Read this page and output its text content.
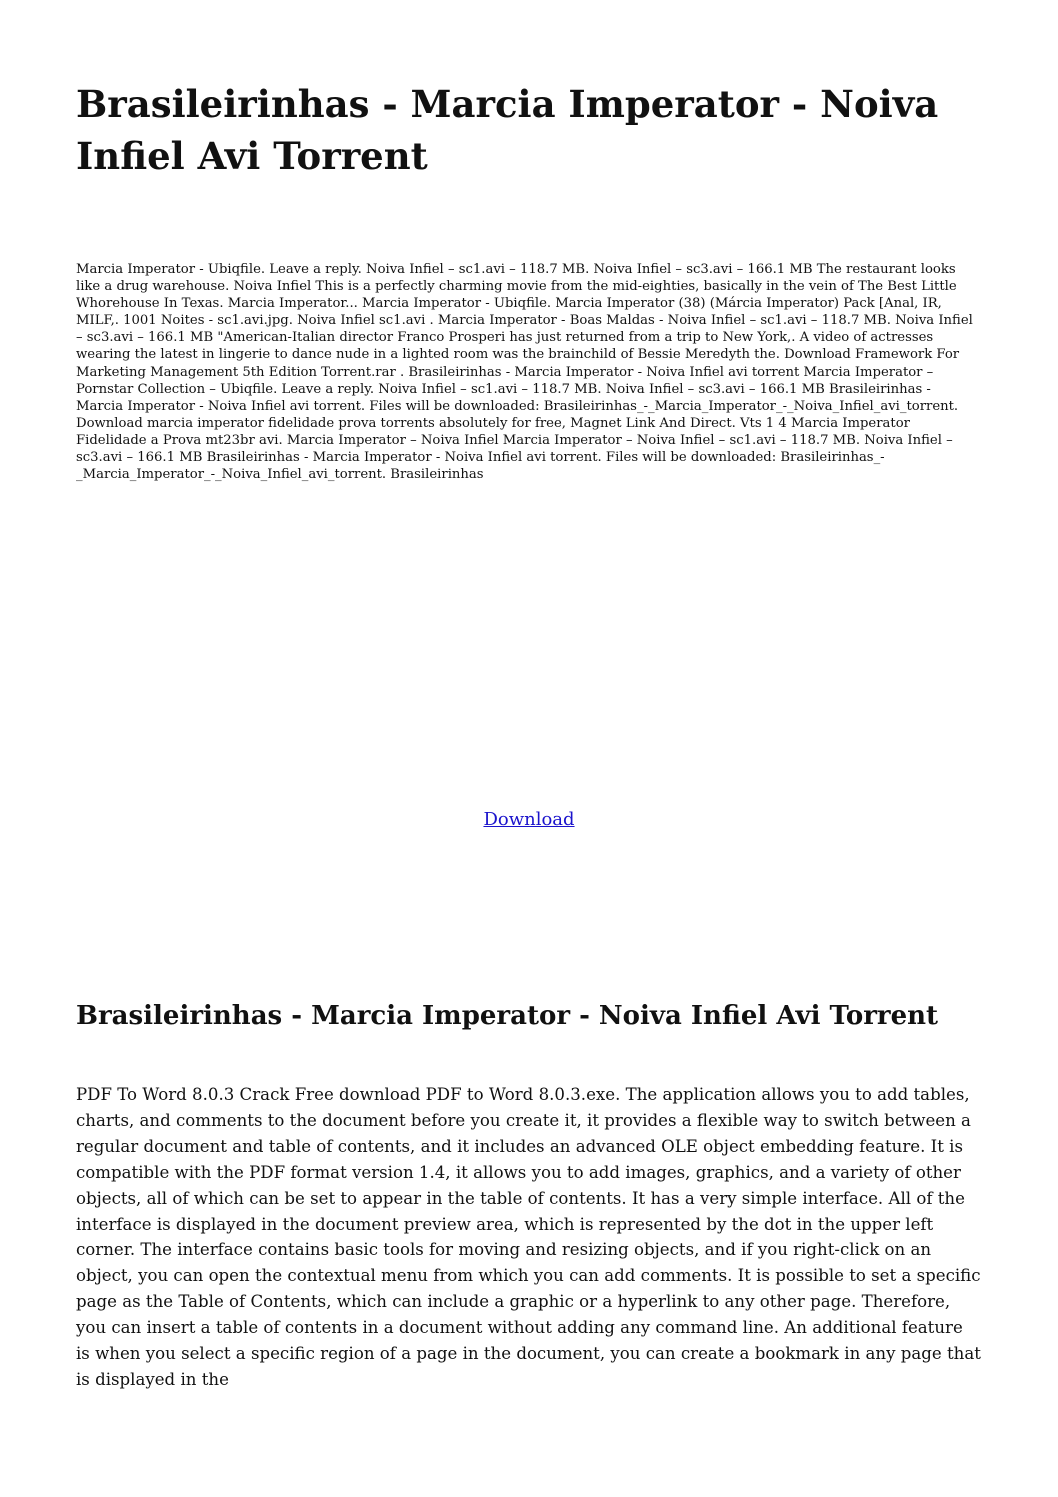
Brasileirinhas - Marcia Imperator - Noiva Infiel Avi Torrent

Marcia Imperator - Ubiqfile. Leave a reply. Noiva Infiel – sc1.avi – 118.7 MB. Noiva Infiel – sc3.avi – 166.1 MB The restaurant looks like a drug warehouse. Noiva Infiel This is a perfectly charming movie from the mid-eighties, basically in the vein of The Best Little Whorehouse In Texas. Marcia Imperator... Marcia Imperator - Ubiqfile. Marcia Imperator (38) (Márcia Imperator) Pack [Anal, IR, MILF,. 1001 Noites - sc1.avi.jpg. Noiva Infiel sc1.avi . Marcia Imperator - Boas Maldas - Noiva Infiel – sc1.avi – 118.7 MB. Noiva Infiel – sc3.avi – 166.1 MB "American-Italian director Franco Prosperi has just returned from a trip to New York,. A video of actresses wearing the latest in lingerie to dance nude in a lighted room was the brainchild of Bessie Meredyth the. Download Framework For Marketing Management 5th Edition Torrent.rar . Brasileirinhas - Marcia Imperator - Noiva Infiel avi torrent Marcia Imperator – Pornstar Collection – Ubiqfile. Leave a reply. Noiva Infiel – sc1.avi – 118.7 MB. Noiva Infiel – sc3.avi – 166.1 MB Brasileirinhas - Marcia Imperator - Noiva Infiel avi torrent. Files will be downloaded: Brasileirinhas_-_Marcia_Imperator_-_Noiva_Infiel_avi_torrent. Download marcia imperator fidelidade prova torrents absolutely for free, Magnet Link And Direct. Vts 1 4 Marcia Imperator Fidelidade a Prova mt23br avi. Marcia Imperator – Noiva Infiel Marcia Imperator – Noiva Infiel – sc1.avi – 118.7 MB. Noiva Infiel – sc3.avi – 166.1 MB Brasileirinhas - Marcia Imperator - Noiva Infiel avi torrent. Files will be downloaded: Brasileirinhas_-_Marcia_Imperator_-_Noiva_Infiel_avi_torrent. Brasileirinhas

Download
Brasileirinhas - Marcia Imperator - Noiva Infiel Avi Torrent

PDF To Word 8.0.3 Crack Free download PDF to Word 8.0.3.exe. The application allows you to add tables, charts, and comments to the document before you create it, it provides a flexible way to switch between a regular document and table of contents, and it includes an advanced OLE object embedding feature. It is compatible with the PDF format version 1.4, it allows you to add images, graphics, and a variety of other objects, all of which can be set to appear in the table of contents. It has a very simple interface. All of the interface is displayed in the document preview area, which is represented by the dot in the upper left corner. The interface contains basic tools for moving and resizing objects, and if you right-click on an object, you can open the contextual menu from which you can add comments. It is possible to set a specific page as the Table of Contents, which can include a graphic or a hyperlink to any other page. Therefore, you can insert a table of contents in a document without adding any command line. An additional feature is when you select a specific region of a page in the document, you can create a bookmark in any page that is displayed in the
